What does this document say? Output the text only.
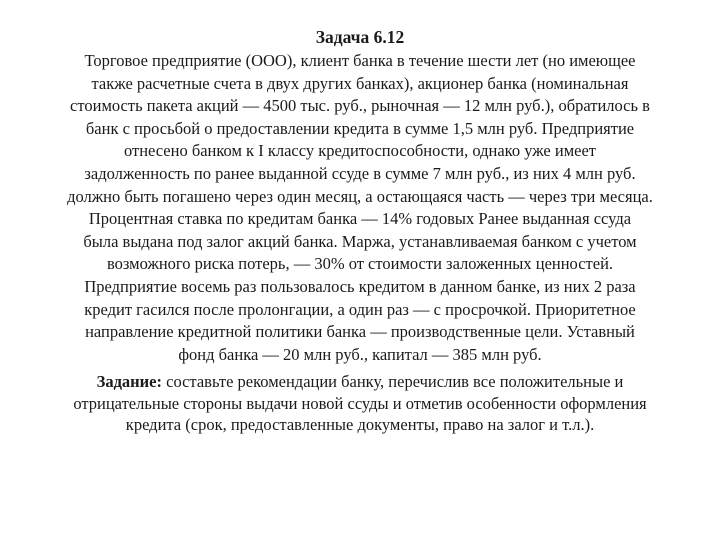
Задача 6.12
Торговое предприятие (ООО), клиент банка в течение шести лет (но имеющее
также расчетные счета в двух других банках), акционер банка (номинальная
стоимость пакета акций — 4500 тыс. руб., рыночная — 12 млн руб.), обратилось в
банк с просьбой о предоставлении кредита в сумме 1,5 млн руб. Предприятие
отнесено банком к I классу кредитоспособности, однако уже имеет
задолженность по ранее выданной ссуде в сумме 7 млн руб., из них 4 млн руб.
должно быть погашено через один месяц, а остающаяся часть — через три месяца.
Процентная ставка по кредитам банка — 14% годовых Ранее выданная ссуда
была выдана под залог акций банка. Маржа, устанавливаемая банком с учетом
возможного риска потерь, — 30% от стоимости заложенных ценностей.
Предприятие восемь раз пользовалось кредитом в данном банке, из них 2 раза
кредит гасился после пролонгации, а один раз — с просрочкой. Приоритетное
направление кредитной политики банка — производственные цели. Уставный
фонд банка — 20 млн руб., капитал — 385 млн руб.
Задание: составьте рекомендации банку, перечислив все положительные и
отрицательные стороны выдачи новой ссуды и отметив особенности оформления
кредита (срок, предоставленные документы, право на залог и т.л.).
